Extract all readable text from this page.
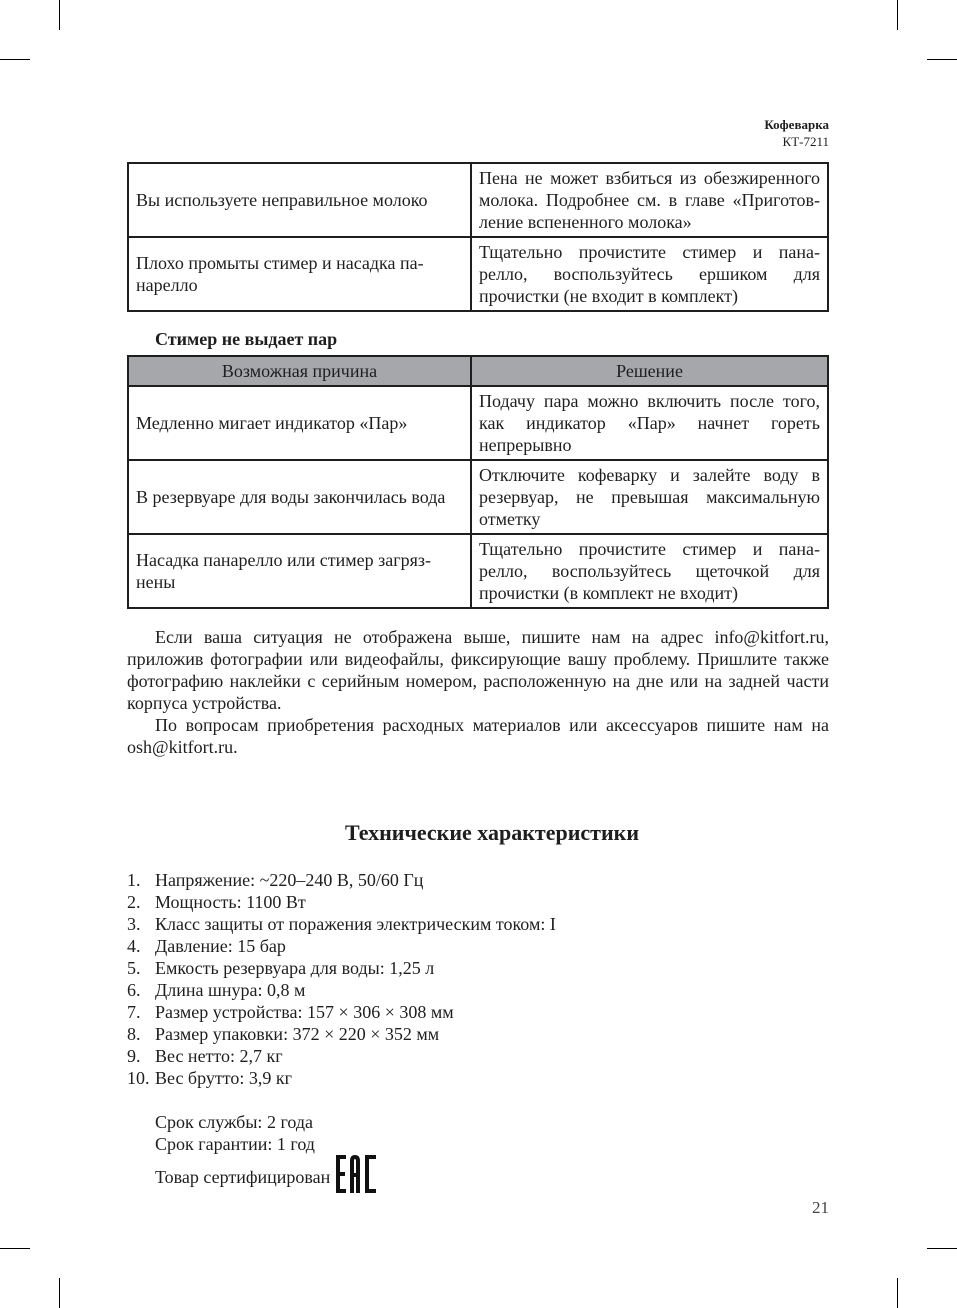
Кофеварка
КТ-7211
Вы используете неправильное молоко	Пена не может взбиться из обезжиренного молока. Подробнее см. в главе «Приготов-ление вспененного молока»
Плохо промыты стимер и насадка па-нарелло	Тщательно прочистите стимер и пана-релло, воспользуйтесь ершиком для прочистки (не входит в комплект)
Стимер не выдает пар
Возможная причина	Решение
Медленно мигает индикатор «Пар»	Подачу пара можно включить после того, как индикатор «Пар» начнет гореть непрерывно
В резервуаре для воды закончилась вода	Отключите кофеварку и залейте воду в резервуар, не превышая максимальную отметку
Насадка панарелло или стимер загряз-нены	Тщательно прочистите стимер и пана-релло, воспользуйтесь щеточкой для прочистки (в комплект не входит)

Если ваша ситуация не отображена выше, пишите нам на адрес info@kitfort.ru, приложив фотографии или видеофайлы, фиксирующие вашу проблему. Пришлите также фотографию наклейки с серийным номером, расположенную на дне или на задней части корпуса устройства.

По вопросам приобретения расходных материалов или аксессуаров пишите нам на osh@kitfort.ru.

Технические характеристики
1. Напряжение: ~220–240 В, 50/60 Гц
2. Мощность: 1100 Вт
3. Класс защиты от поражения электрическим током: I
4. Давление: 15 бар
5. Емкость резервуара для воды: 1,25 л
6. Длина шнура: 0,8 м
7. Размер устройства: 157 × 306 × 308 мм
8. Размер упаковки: 372 × 220 × 352 мм
9. Вес нетто: 2,7 кг
10. Вес брутто: 3,9 кг
Срок службы: 2 года
Срок гарантии: 1 год
Товар сертифицирован
21
